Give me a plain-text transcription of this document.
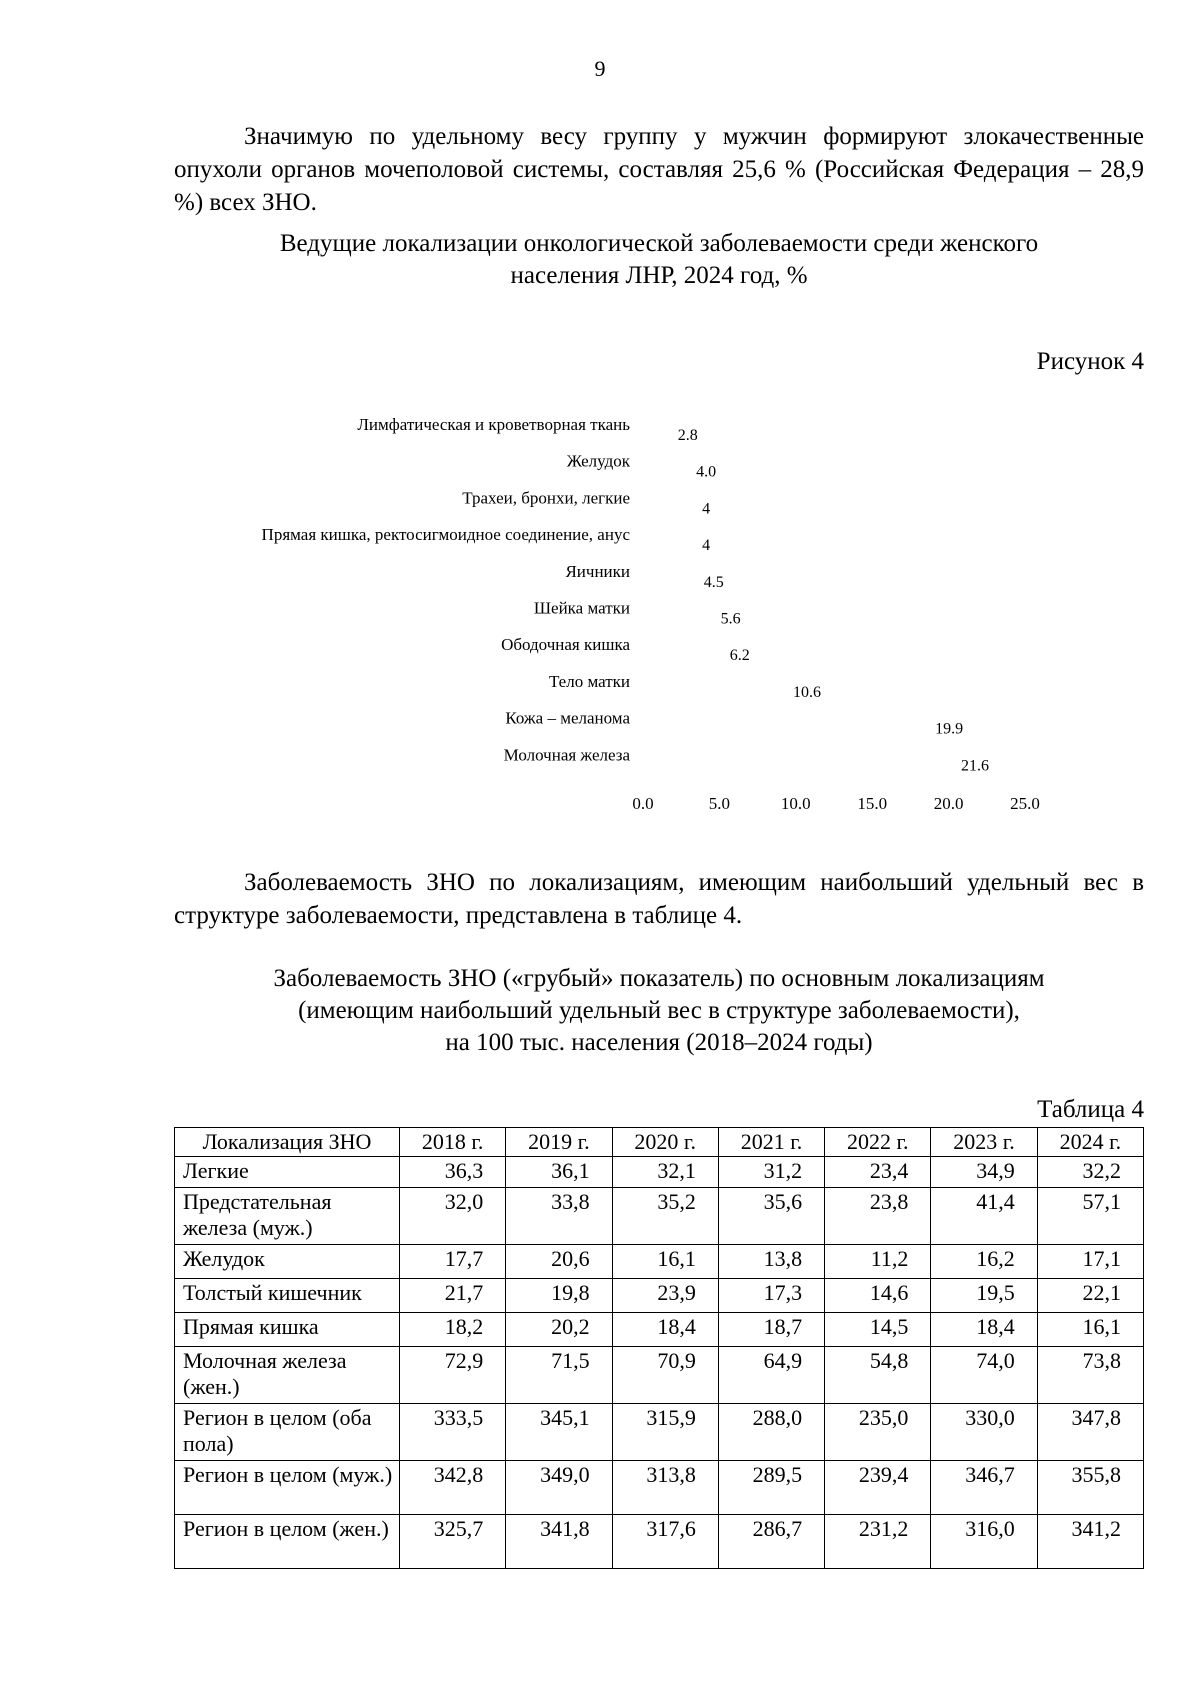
9
Значимую по удельному весу группу у мужчин формируют злокачественные опухоли органов мочеполовой системы, составляя 25,6 % (Российская Федерация – 28,9 %) всех ЗНО.
Ведущие локализации онкологической заболеваемости среди женского
населения ЛНР, 2024 год, %
Рисунок 4
Лимфатическая и кроветворная ткань
2.8
Желудок
4.0
Трахеи, бронхи, легкие
4
Прямая кишка, ректосигмоидное соединение, анус
4
Яичники
4.5
Шейка матки
5.6
Ободочная кишка
6.2
Тело матки
10.6
Кожа – меланома
19.9
Молочная железа
21.6
0.0	5.0	10.0	15.0	20.0	25.0
Заболеваемость ЗНО по локализациям, имеющим наибольший удельный вес в структуре заболеваемости, представлена в таблице 4.
Заболеваемость ЗНО («грубый» показатель) по основным локализациям
(имеющим наибольший удельный вес в структуре заболеваемости),
на 100 тыс. населения (2018–2024 годы)
Таблица 4
Локализация ЗНО	2018 г.	2019 г.	2020 г.	2021 г.	2022 г.	2023 г.	2024 г.
Легкие	36,3	36,1	32,1	31,2	23,4	34,9	32,2
Предстательная железа (муж.)	32,0	33,8	35,2	35,6	23,8	41,4	57,1
Желудок	17,7	20,6	16,1	13,8	11,2	16,2	17,1
Толстый кишечник	21,7	19,8	23,9	17,3	14,6	19,5	22,1
Прямая кишка	18,2	20,2	18,4	18,7	14,5	18,4	16,1
Молочная железа (жен.)	72,9	71,5	70,9	64,9	54,8	74,0	73,8
Регион в целом (оба пола)	333,5	345,1	315,9	288,0	235,0	330,0	347,8
Регион в целом (муж.)	342,8	349,0	313,8	289,5	239,4	346,7	355,8
Регион в целом (жен.)	325,7	341,8	317,6	286,7	231,2	316,0	341,2
